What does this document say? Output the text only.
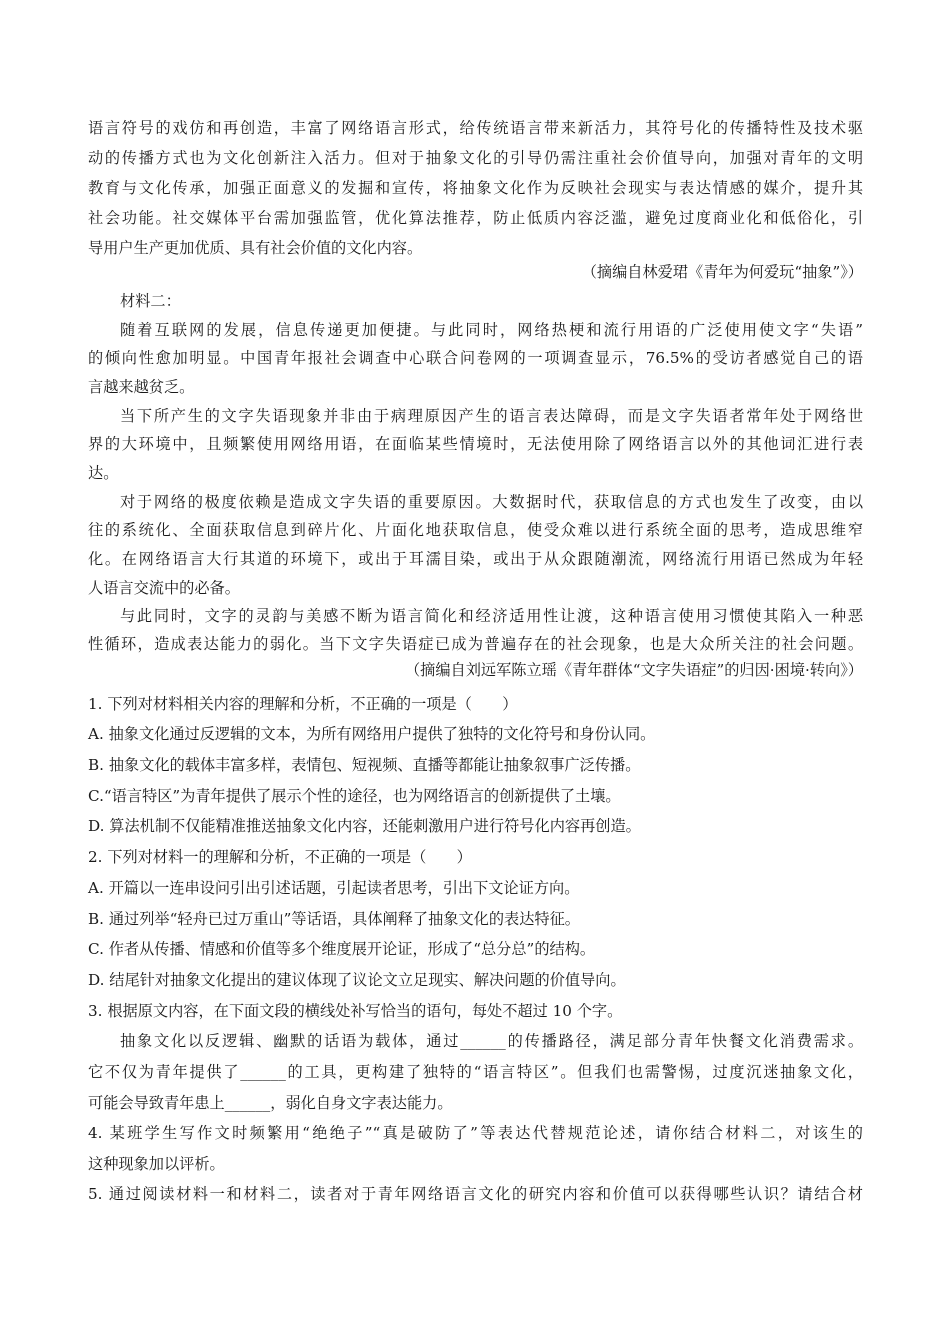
语言符号的戏仿和再创造，丰富了网络语言形式，给传统语言带来新活力，其符号化的传播特性及技术驱
动的传播方式也为文化创新注入活力。但对于抽象文化的引导仍需注重社会价值导向，加强对青年的文明
教育与文化传承，加强正面意义的发掘和宣传，将抽象文化作为反映社会现实与表达情感的媒介，提升其
社会功能。社交媒体平台需加强监管，优化算法推荐，防止低质内容泛滥，避免过度商业化和低俗化，引
导用户生产更加优质、具有社会价值的文化内容。
（摘编自林爱珺《青年为何爱玩“抽象”》）
材料二：
随着互联网的发展，信息传递更加便捷。与此同时，网络热梗和流行用语的广泛使用使文字“失语”
的倾向性愈加明显。中国青年报社会调查中心联合问卷网的一项调查显示，76.5%的受访者感觉自己的语
言越来越贫乏。
当下所产生的文字失语现象并非由于病理原因产生的语言表达障碍，而是文字失语者常年处于网络世
界的大环境中，且频繁使用网络用语，在面临某些情境时，无法使用除了网络语言以外的其他词汇进行表
达。
对于网络的极度依赖是造成文字失语的重要原因。大数据时代，获取信息的方式也发生了改变，由以
往的系统化、全面获取信息到碎片化、片面化地获取信息，使受众难以进行系统全面的思考，造成思维窄
化。在网络语言大行其道的环境下，或出于耳濡目染，或出于从众跟随潮流，网络流行用语已然成为年轻
人语言交流中的必备。
与此同时，文字的灵韵与美感不断为语言简化和经济适用性让渡，这种语言使用习惯使其陷入一种恶
性循环，造成表达能力的弱化。当下文字失语症已成为普遍存在的社会现象，也是大众所关注的社会问题。
（摘编自刘远军陈立瑶《青年群体“文字失语症”的归因·困境·转向》）
1. 下列对材料相关内容的理解和分析，不正确的一项是（　　）
A. 抽象文化通过反逻辑的文本，为所有网络用户提供了独特的文化符号和身份认同。
B. 抽象文化的载体丰富多样，表情包、短视频、直播等都能让抽象叙事广泛传播。
C.“语言特区”为青年提供了展示个性的途径，也为网络语言的创新提供了土壤。
D. 算法机制不仅能精准推送抽象文化内容，还能刺激用户进行符号化内容再创造。
2. 下列对材料一的理解和分析，不正确的一项是（　　）
A. 开篇以一连串设问引出引述话题，引起读者思考，引出下文论证方向。
B. 通过列举“轻舟已过万重山”等话语，具体阐释了抽象文化的表达特征。
C. 作者从传播、情感和价值等多个维度展开论证，形成了“总分总”的结构。
D. 结尾针对抽象文化提出的建议体现了议论文立足现实、解决问题的价值导向。
3. 根据原文内容，在下面文段的横线处补写恰当的语句，每处不超过 10 个字。
抽象文化以反逻辑、幽默的话语为载体，通过______的传播路径，满足部分青年快餐文化消费需求。
它不仅为青年提供了______的工具，更构建了独特的“语言特区”。但我们也需警惕，过度沉迷抽象文化，
可能会导致青年患上______，弱化自身文字表达能力。
4. 某班学生写作文时频繁用“绝绝子”“真是破防了”等表达代替规范论述，请你结合材料二，对该生的
这种现象加以评析。
5. 通过阅读材料一和材料二，读者对于青年网络语言文化的研究内容和价值可以获得哪些认识？请结合材
